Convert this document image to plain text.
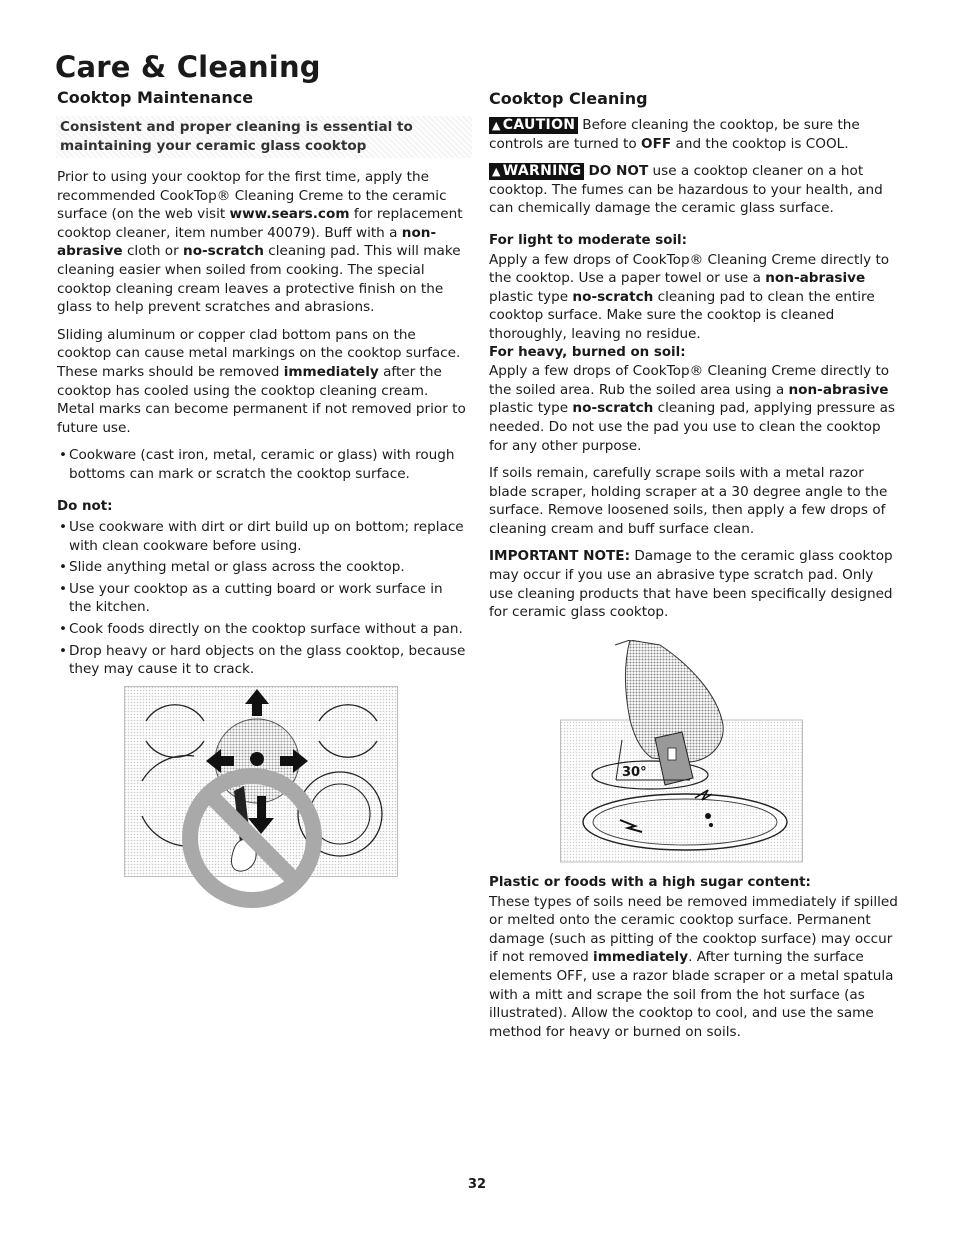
Care & Cleaning
Cooktop Maintenance
Consistent and proper cleaning is essential to maintaining your ceramic glass cooktop

Prior to using your cooktop for the first time, apply the recommended CookTop® Cleaning Creme to the ceramic surface (on the web visit www.sears.com for replacement cooktop cleaner, item number 40079). Buff with a non-abrasive cloth or no-scratch cleaning pad. This will make cleaning easier when soiled from cooking. The special cooktop cleaning cream leaves a protective finish on the glass to help prevent scratches and abrasions.

Sliding aluminum or copper clad bottom pans on the cooktop can cause metal markings on the cooktop surface. These marks should be removed immediately after the cooktop has cooled using the cooktop cleaning cream. Metal marks can become permanent if not removed prior to future use.

• Cookware (cast iron, metal, ceramic or glass) with rough bottoms can mark or scratch the cooktop surface.
Do not:
• Use cookware with dirt or dirt build up on bottom; replace with clean cookware before using.
• Slide anything metal or glass across the cooktop.
• Use your cooktop as a cutting board or work surface in the kitchen.
• Cook foods directly on the cooktop surface without a pan.
• Drop heavy or hard objects on the glass cooktop, because they may cause it to crack.
Cooktop Cleaning

▲ CAUTION Before cleaning the cooktop, be sure the controls are turned to OFF and the cooktop is COOL.

▲ WARNING DO NOT use a cooktop cleaner on a hot cooktop. The fumes can be hazardous to your health, and can chemically damage the ceramic glass surface.

For light to moderate soil:

Apply a few drops of CookTop® Cleaning Creme directly to the cooktop. Use a paper towel or use a non-abrasive plastic type no-scratch cleaning pad to clean the entire cooktop surface. Make sure the cooktop is cleaned thoroughly, leaving no residue.

For heavy, burned on soil:

Apply a few drops of CookTop® Cleaning Creme directly to the soiled area. Rub the soiled area using a non-abrasive plastic type no-scratch cleaning pad, applying pressure as needed. Do not use the pad you use to clean the cooktop for any other purpose.

If soils remain, carefully scrape soils with a metal razor blade scraper, holding scraper at a 30 degree angle to the surface. Remove loosened soils, then apply a few drops of cleaning cream and buff surface clean.

IMPORTANT NOTE: Damage to the ceramic glass cooktop may occur if you use an abrasive type scratch pad. Only use cleaning products that have been specifically designed for ceramic glass cooktop.

30°
Plastic or foods with a high sugar content:

These types of soils need be removed immediately if spilled or melted onto the ceramic cooktop surface. Permanent damage (such as pitting of the cooktop surface) may occur if not removed immediately. After turning the surface elements OFF, use a razor blade scraper or a metal spatula with a mitt and scrape the soil from the hot surface (as illustrated). Allow the cooktop to cool, and use the same method for heavy or burned on soils.

32
